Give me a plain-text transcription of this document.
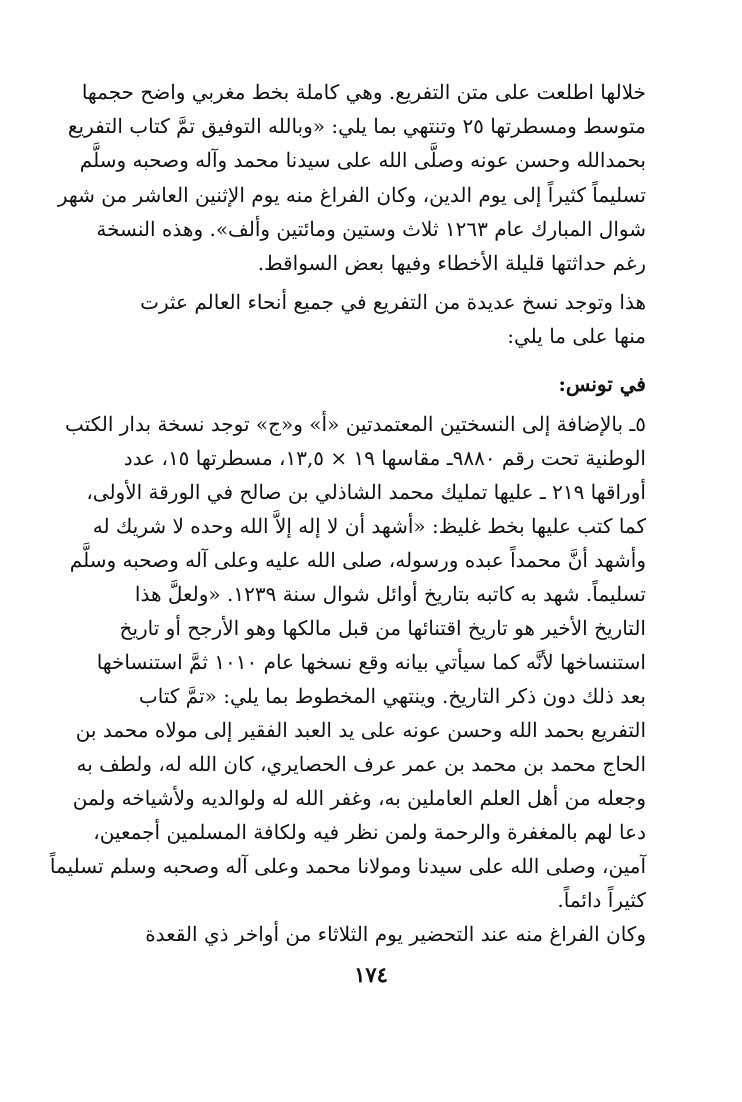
خلالها اطلعت على متن التفريع. وهي كاملة بخط مغربي واضح حجمها
متوسط ومسطرتها ٢٥ وتنتهي بما يلي: «وبالله التوفيق تمَّ كتاب التفريع
بحمدالله وحسن عونه وصلَّى الله على سيدنا محمد وآله وصحبه وسلَّم
تسليماً كثيراً إلى يوم الدين، وكان الفراغ منه يوم الإثنين العاشر من شهر
شوال المبارك عام ١٢٦٣ ثلاث وستين ومائتين وألف». وهذه النسخة
رغم حداثتها قليلة الأخطاء وفيها بعض السواقط.
هذا وتوجد نسخ عديدة من التفريع في جميع أنحاء العالم عثرت
منها على ما يلي:
في تونس:
٥ـ بالإضافة إلى النسختين المعتمدتين «أ» و«ج» توجد نسخة بدار الكتب
الوطنية تحت رقم ٩٨٨٠ـ مقاسها ١٩ × ١٣,٥، مسطرتها ١٥، عدد
أوراقها ٢١٩ ـ عليها تمليك محمد الشاذلي بن صالح في الورقة الأولى،
كما كتب عليها بخط غليظ: «أشهد أن لا إله إلاَّ الله وحده لا شريك له
وأشهد أنَّ محمداً عبده ورسوله، صلى الله عليه وعلى آله وصحبه وسلَّم
تسليماً. شهد به كاتبه بتاريخ أوائل شوال سنة ١٢٣٩. «ولعلَّ هذا
التاريخ الأخير هو تاريخ اقتنائها من قبل مالكها وهو الأرجح أو تاريخ
استنساخها لأنَّه كما سيأتي بيانه وقع نسخها عام ١٠١٠ ثمَّ استنساخها
بعد ذلك دون ذكر التاريخ. وينتهي المخطوط بما يلي: «تمَّ كتاب
التفريع بحمد الله وحسن عونه على يد العبد الفقير إلى مولاه محمد بن
الحاج محمد بن محمد بن عمر عرف الحصايري، كان الله له، ولطف به
وجعله من أهل العلم العاملين به، وغفر الله له ولوالديه ولأشياخه ولمن
دعا لهم بالمغفرة والرحمة ولمن نظر فيه ولكافة المسلمين أجمعين،
آمين، وصلى الله على سيدنا ومولانا محمد وعلى آله وصحبه وسلم تسليماً
كثيراً دائماً.
وكان الفراغ منه عند التحضير يوم الثلاثاء من أواخر ذي القعدة
١٧٤
